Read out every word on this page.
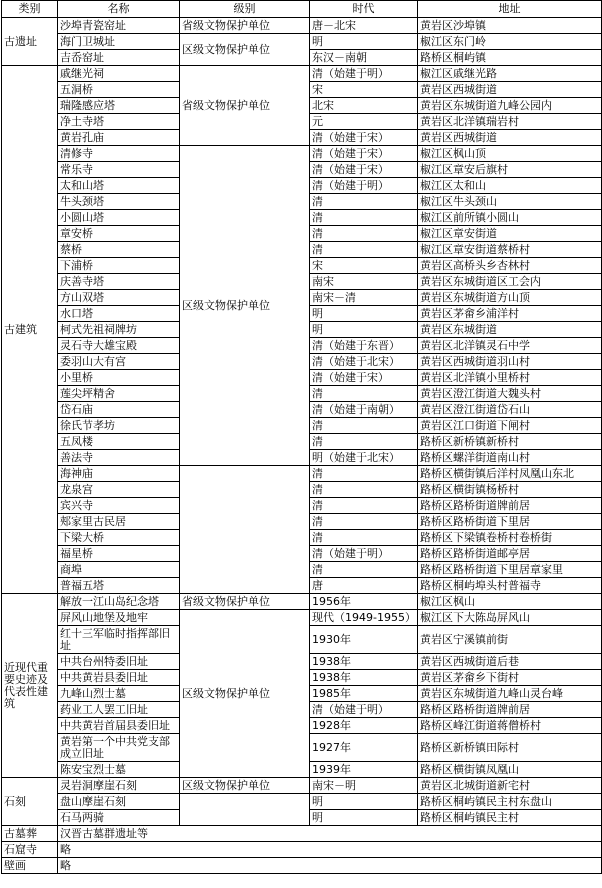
类别	名称	级别	时代	地址
古遗址	沙埠青瓷窑址	省级文物保护单位	唐－北宋	黄岩区沙埠镇
	海门卫城址	区级文物保护单位	明	椒江区东门岭
	吉岙窑址		东汉－南朝	路桥区桐屿镇
古建筑	戚继光祠	省级文物保护单位	清（始建于明）	椒江区戚继光路
	五洞桥		宋	黄岩区西城街道
	瑞隆感应塔		北宋	黄岩区东城街道九峰公园内
	净土寺塔		元	黄岩区北洋镇瑞岩村
	黄岩孔庙		清（始建于宋）	黄岩区西城街道
	清修寺	区级文物保护单位	清（始建于宋）	椒江区枫山顶
	常乐寺		清（始建于宋）	椒江区章安后旗村
	太和山塔		清（始建于明）	椒江区太和山
	牛头颈塔		清	椒江区牛头颈山
	小圆山塔		清	椒江区前所镇小圆山
	章安桥		清	椒江区章安街道
	蔡桥		清	椒江区章安街道蔡桥村
	下浦桥		宋	黄岩区高桥头乡杏林村
	庆善寺塔		南宋	黄岩区东城街道区工会内
	方山双塔		南宋－清	黄岩区东城街道方山顶
	水口塔		明	黄岩区茅畲乡浦洋村
	柯式先祖祠牌坊		明	黄岩区东城街道
	灵石寺大雄宝殿		清（始建于东晋）	黄岩区北洋镇灵石中学
	委羽山大有宫		清（始建于北宋）	黄岩区西城街道羽山村
	小里桥		清（始建于宋）	黄岩区北洋镇小里桥村
	莲尖坪精舍		清	黄岩区澄江街道大魏头村
	岱石庙		清（始建于南朝）	黄岩区澄江街道岱石山
	徐氏节孝坊		清	黄岩区江口街道下闸村
	五凤楼		清	路桥区新桥镇新桥村
	善法寺		明（始建于北宋）	路桥区螺洋街道南山村
	海神庙		清	路桥区横街镇后洋村凤凰山东北
	龙泉宫		清	路桥区横街镇杨桥村
	宾兴寺		清	路桥区路桥街道牌前居
	郏家里古民居		清	路桥区路桥街道下里居
	下梁大桥		清	路桥区下梁镇卷桥村卷桥街
	福星桥		清（始建于明）	路桥区路桥街道邮亭居
	商埠		清	路桥区路桥街道下里居章家里
	普福五塔		唐	路桥区桐屿埠头村普福寺
近现代重要史迹及代表性建筑	解放一江山岛纪念塔	省级文物保护单位	1956年	椒江区枫山
	屏风山地堡及地牢	区级文物保护单位	现代（1949-1955）	椒江区下大陈岛屏风山
	红十三军临时指挥部旧址		1930年	黄岩区宁溪镇前街
	中共台州特委旧址		1938年	黄岩区西城街道后巷
	中共黄岩县委旧址		1938年	黄岩区茅畲乡下街村
	九峰山烈士墓		1985年	黄岩区东城街道九峰山灵台峰
	药业工人罢工旧址		清（始建于明）	路桥区路桥街道牌前居
	中共黄岩首届县委旧址		1928年	路桥区峰江街道蒋僧桥村
	黄岩第一个中共党支部成立旧址		1927年	路桥区新桥镇田际村
	陈安宝烈士墓		1939年	路桥区横街镇凤凰山
石刻	灵岩洞摩崖石刻	区级文物保护单位	南宋－明	黄岩区北城街道新宅村
	盘山摩崖石刻		明	路桥区桐屿镇民主村东盘山
	石马两骑		明	路桥区桐屿镇民主村
古墓葬	汉晋古墓群遗址等			
石窟寺	略			
壁画	略			
